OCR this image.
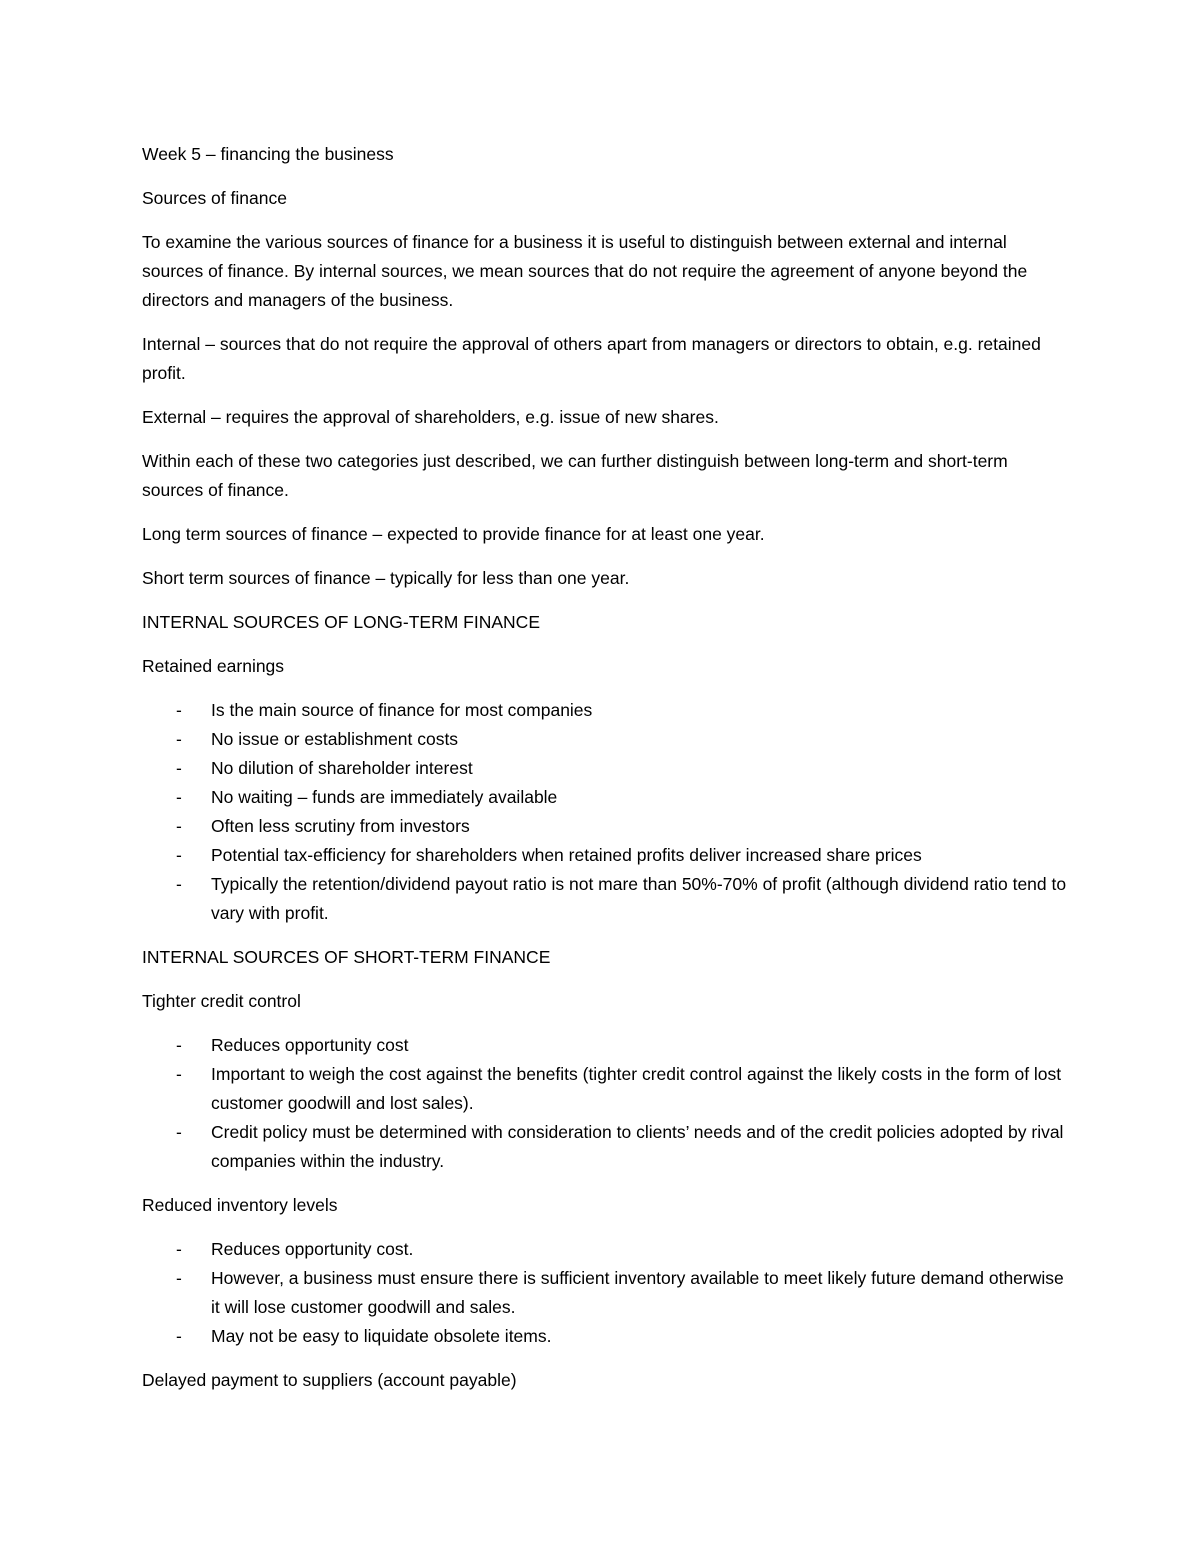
Week 5 – financing the business

Sources of finance

To examine the various sources of finance for a business it is useful to distinguish between external and internal sources of finance. By internal sources, we mean sources that do not require the agreement of anyone beyond the directors and managers of the business.

Internal – sources that do not require the approval of others apart from managers or directors to obtain, e.g. retained profit.

External – requires the approval of shareholders, e.g. issue of new shares.

Within each of these two categories just described, we can further distinguish between long-term and short-term sources of finance.

Long term sources of finance – expected to provide finance for at least one year.

Short term sources of finance – typically for less than one year.

INTERNAL SOURCES OF LONG-TERM FINANCE

Retained earnings

- Is the main source of finance for most companies
- No issue or establishment costs
- No dilution of shareholder interest
- No waiting – funds are immediately available
- Often less scrutiny from investors
- Potential tax-efficiency for shareholders when retained profits deliver increased share prices
- Typically the retention/dividend payout ratio is not mare than 50%-70% of profit (although dividend ratio tend to vary with profit.

INTERNAL SOURCES OF SHORT-TERM FINANCE

Tighter credit control

- Reduces opportunity cost
- Important to weigh the cost against the benefits (tighter credit control against the likely costs in the form of lost customer goodwill and lost sales).
- Credit policy must be determined with consideration to clients’ needs and of the credit policies adopted by rival companies within the industry.

Reduced inventory levels

- Reduces opportunity cost.
- However, a business must ensure there is sufficient inventory available to meet likely future demand otherwise it will lose customer goodwill and sales.
- May not be easy to liquidate obsolete items.

Delayed payment to suppliers (account payable)
